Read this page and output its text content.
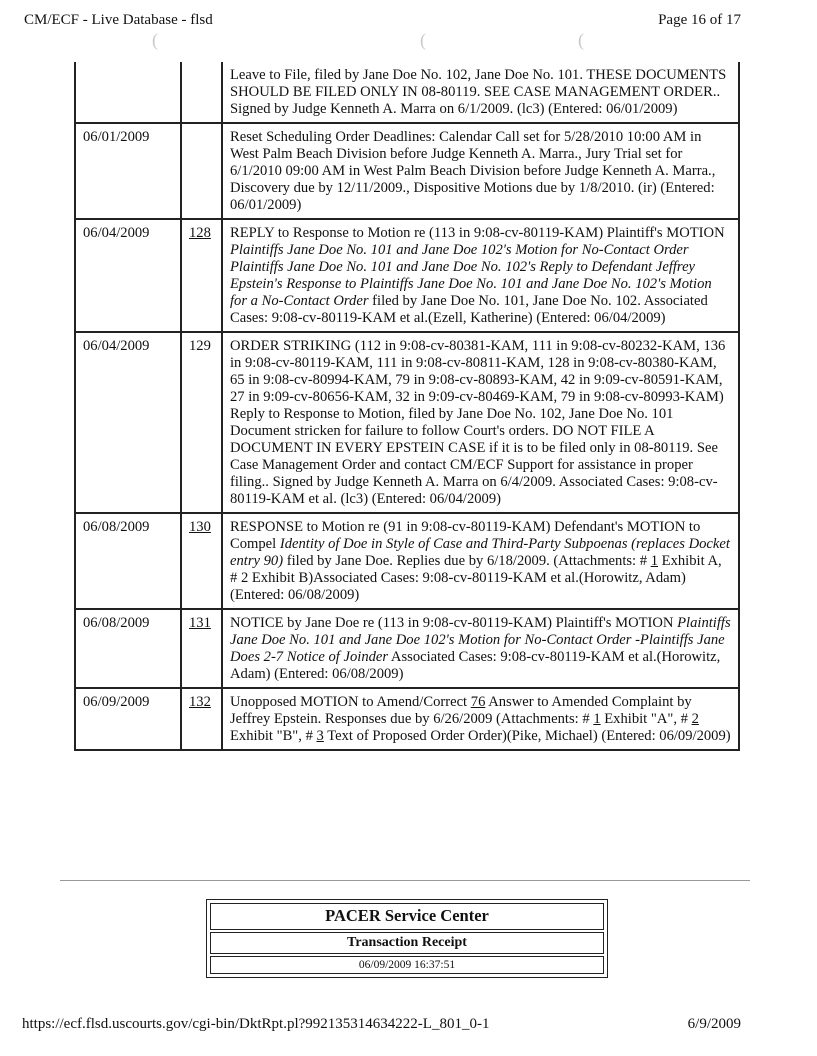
CM/ECF - Live Database - flsd	Page 16 of 17
(	(	(
		Leave to File, filed by Jane Doe No. 102, Jane Doe No. 101. THESE DOCUMENTS SHOULD BE FILED ONLY IN 08-80119. SEE CASE MANAGEMENT ORDER.. Signed by Judge Kenneth A. Marra on 6/1/2009. (lc3) (Entered: 06/01/2009)
06/01/2009		Reset Scheduling Order Deadlines: Calendar Call set for 5/28/2010 10:00 AM in West Palm Beach Division before Judge Kenneth A. Marra., Jury Trial set for 6/1/2010 09:00 AM in West Palm Beach Division before Judge Kenneth A. Marra., Discovery due by 12/11/2009., Dispositive Motions due by 1/8/2010. (ir) (Entered: 06/01/2009)
06/04/2009	128	REPLY to Response to Motion re (113 in 9:08-cv-80119-KAM) Plaintiff's MOTION Plaintiffs Jane Doe No. 101 and Jane Doe 102's Motion for No-Contact Order Plaintiffs Jane Doe No. 101 and Jane Doe No. 102's Reply to Defendant Jeffrey Epstein's Response to Plaintiffs Jane Doe No. 101 and Jane Doe No. 102's Motion for a No-Contact Order filed by Jane Doe No. 101, Jane Doe No. 102. Associated Cases: 9:08-cv-80119-KAM et al.(Ezell, Katherine) (Entered: 06/04/2009)
06/04/2009	129	ORDER STRIKING (112 in 9:08-cv-80381-KAM, 111 in 9:08-cv-80232-KAM, 136 in 9:08-cv-80119-KAM, 111 in 9:08-cv-80811-KAM, 128 in 9:08-cv-80380-KAM, 65 in 9:08-cv-80994-KAM, 79 in 9:08-cv-80893-KAM, 42 in 9:09-cv-80591-KAM, 27 in 9:09-cv-80656-KAM, 32 in 9:09-cv-80469-KAM, 79 in 9:08-cv-80993-KAM) Reply to Response to Motion, filed by Jane Doe No. 102, Jane Doe No. 101 Document stricken for failure to follow Court's orders. DO NOT FILE A DOCUMENT IN EVERY EPSTEIN CASE if it is to be filed only in 08-80119. See Case Management Order and contact CM/ECF Support for assistance in proper filing.. Signed by Judge Kenneth A. Marra on 6/4/2009. Associated Cases: 9:08-cv-80119-KAM et al. (lc3) (Entered: 06/04/2009)
06/08/2009	130	RESPONSE to Motion re (91 in 9:08-cv-80119-KAM) Defendant's MOTION to Compel Identity of Doe in Style of Case and Third-Party Subpoenas (replaces Docket entry 90) filed by Jane Doe. Replies due by 6/18/2009. (Attachments: # 1 Exhibit A, # 2 Exhibit B)Associated Cases: 9:08-cv-80119-KAM et al.(Horowitz, Adam) (Entered: 06/08/2009)
06/08/2009	131	NOTICE by Jane Doe re (113 in 9:08-cv-80119-KAM) Plaintiff's MOTION Plaintiffs Jane Doe No. 101 and Jane Doe 102's Motion for No-Contact Order -Plaintiffs Jane Does 2-7 Notice of Joinder Associated Cases: 9:08-cv-80119-KAM et al.(Horowitz, Adam) (Entered: 06/08/2009)
06/09/2009	132	Unopposed MOTION to Amend/Correct 76 Answer to Amended Complaint by Jeffrey Epstein. Responses due by 6/26/2009 (Attachments: # 1 Exhibit "A", # 2 Exhibit "B", # 3 Text of Proposed Order Order)(Pike, Michael) (Entered: 06/09/2009)
PACER Service Center
Transaction Receipt
06/09/2009 16:37:51
https://ecf.flsd.uscourts.gov/cgi-bin/DktRpt.pl?992135314634222-L_801_0-1	6/9/2009
